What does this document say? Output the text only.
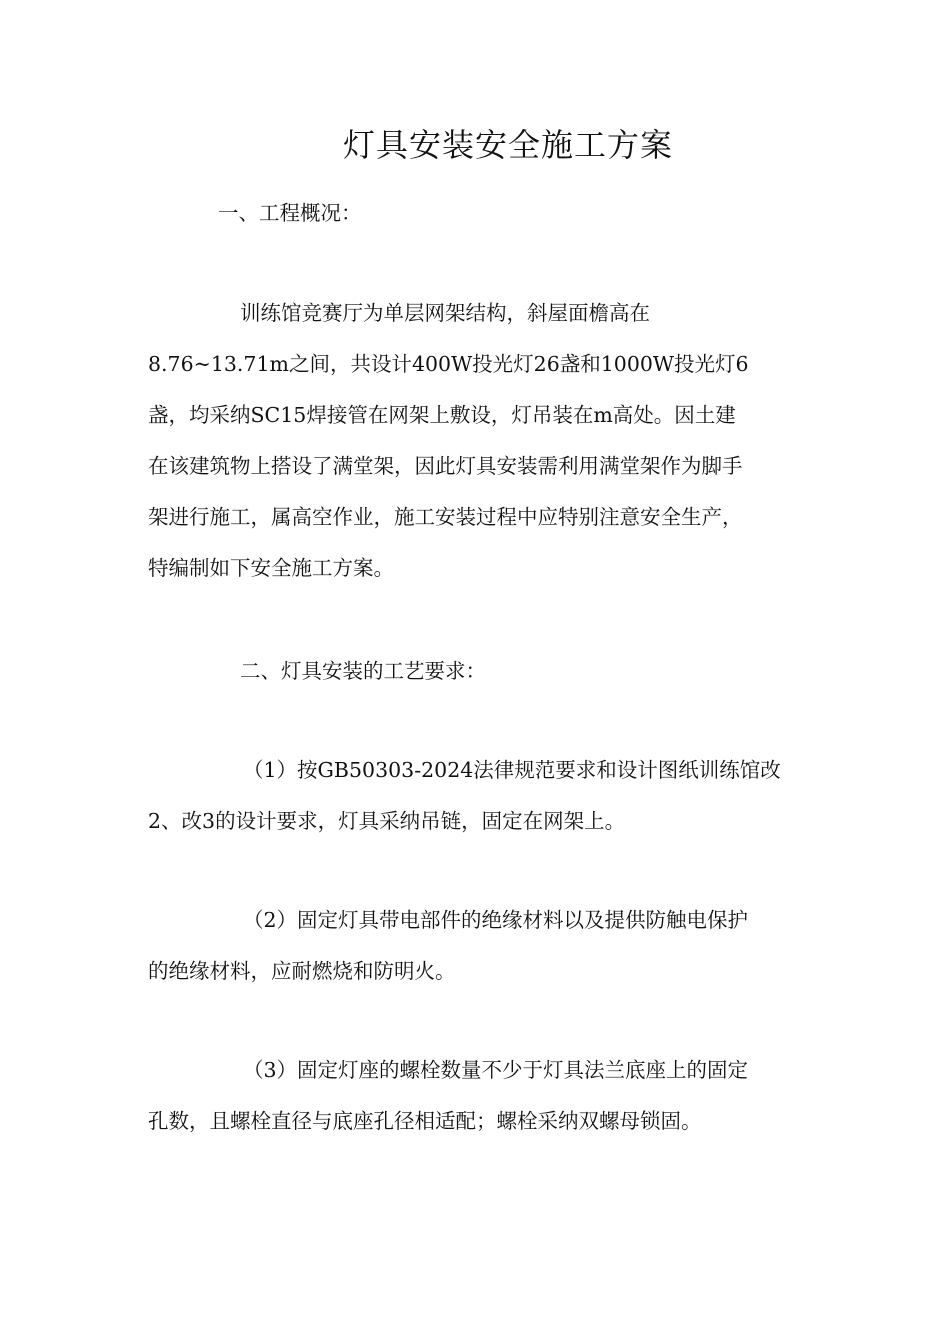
灯具安装安全施工方案
一、工程概况：
训练馆竞赛厅为单层网架结构，斜屋面檐高在
8.76~13.71m之间，共设计400W投光灯26盏和1000W投光灯6
盏，均采纳SC15焊接管在网架上敷设，灯吊装在m高处。因土建
在该建筑物上搭设了满堂架，因此灯具安装需利用满堂架作为脚手
架进行施工，属高空作业，施工安装过程中应特别注意安全生产，
特编制如下安全施工方案。
二、灯具安装的工艺要求：
（1）按GB50303-2024法律规范要求和设计图纸训练馆改
2、改3的设计要求，灯具采纳吊链，固定在网架上。
（2）固定灯具带电部件的绝缘材料以及提供防触电保护
的绝缘材料，应耐燃烧和防明火。
（3）固定灯座的螺栓数量不少于灯具法兰底座上的固定
孔数，且螺栓直径与底座孔径相适配；螺栓采纳双螺母锁固。
